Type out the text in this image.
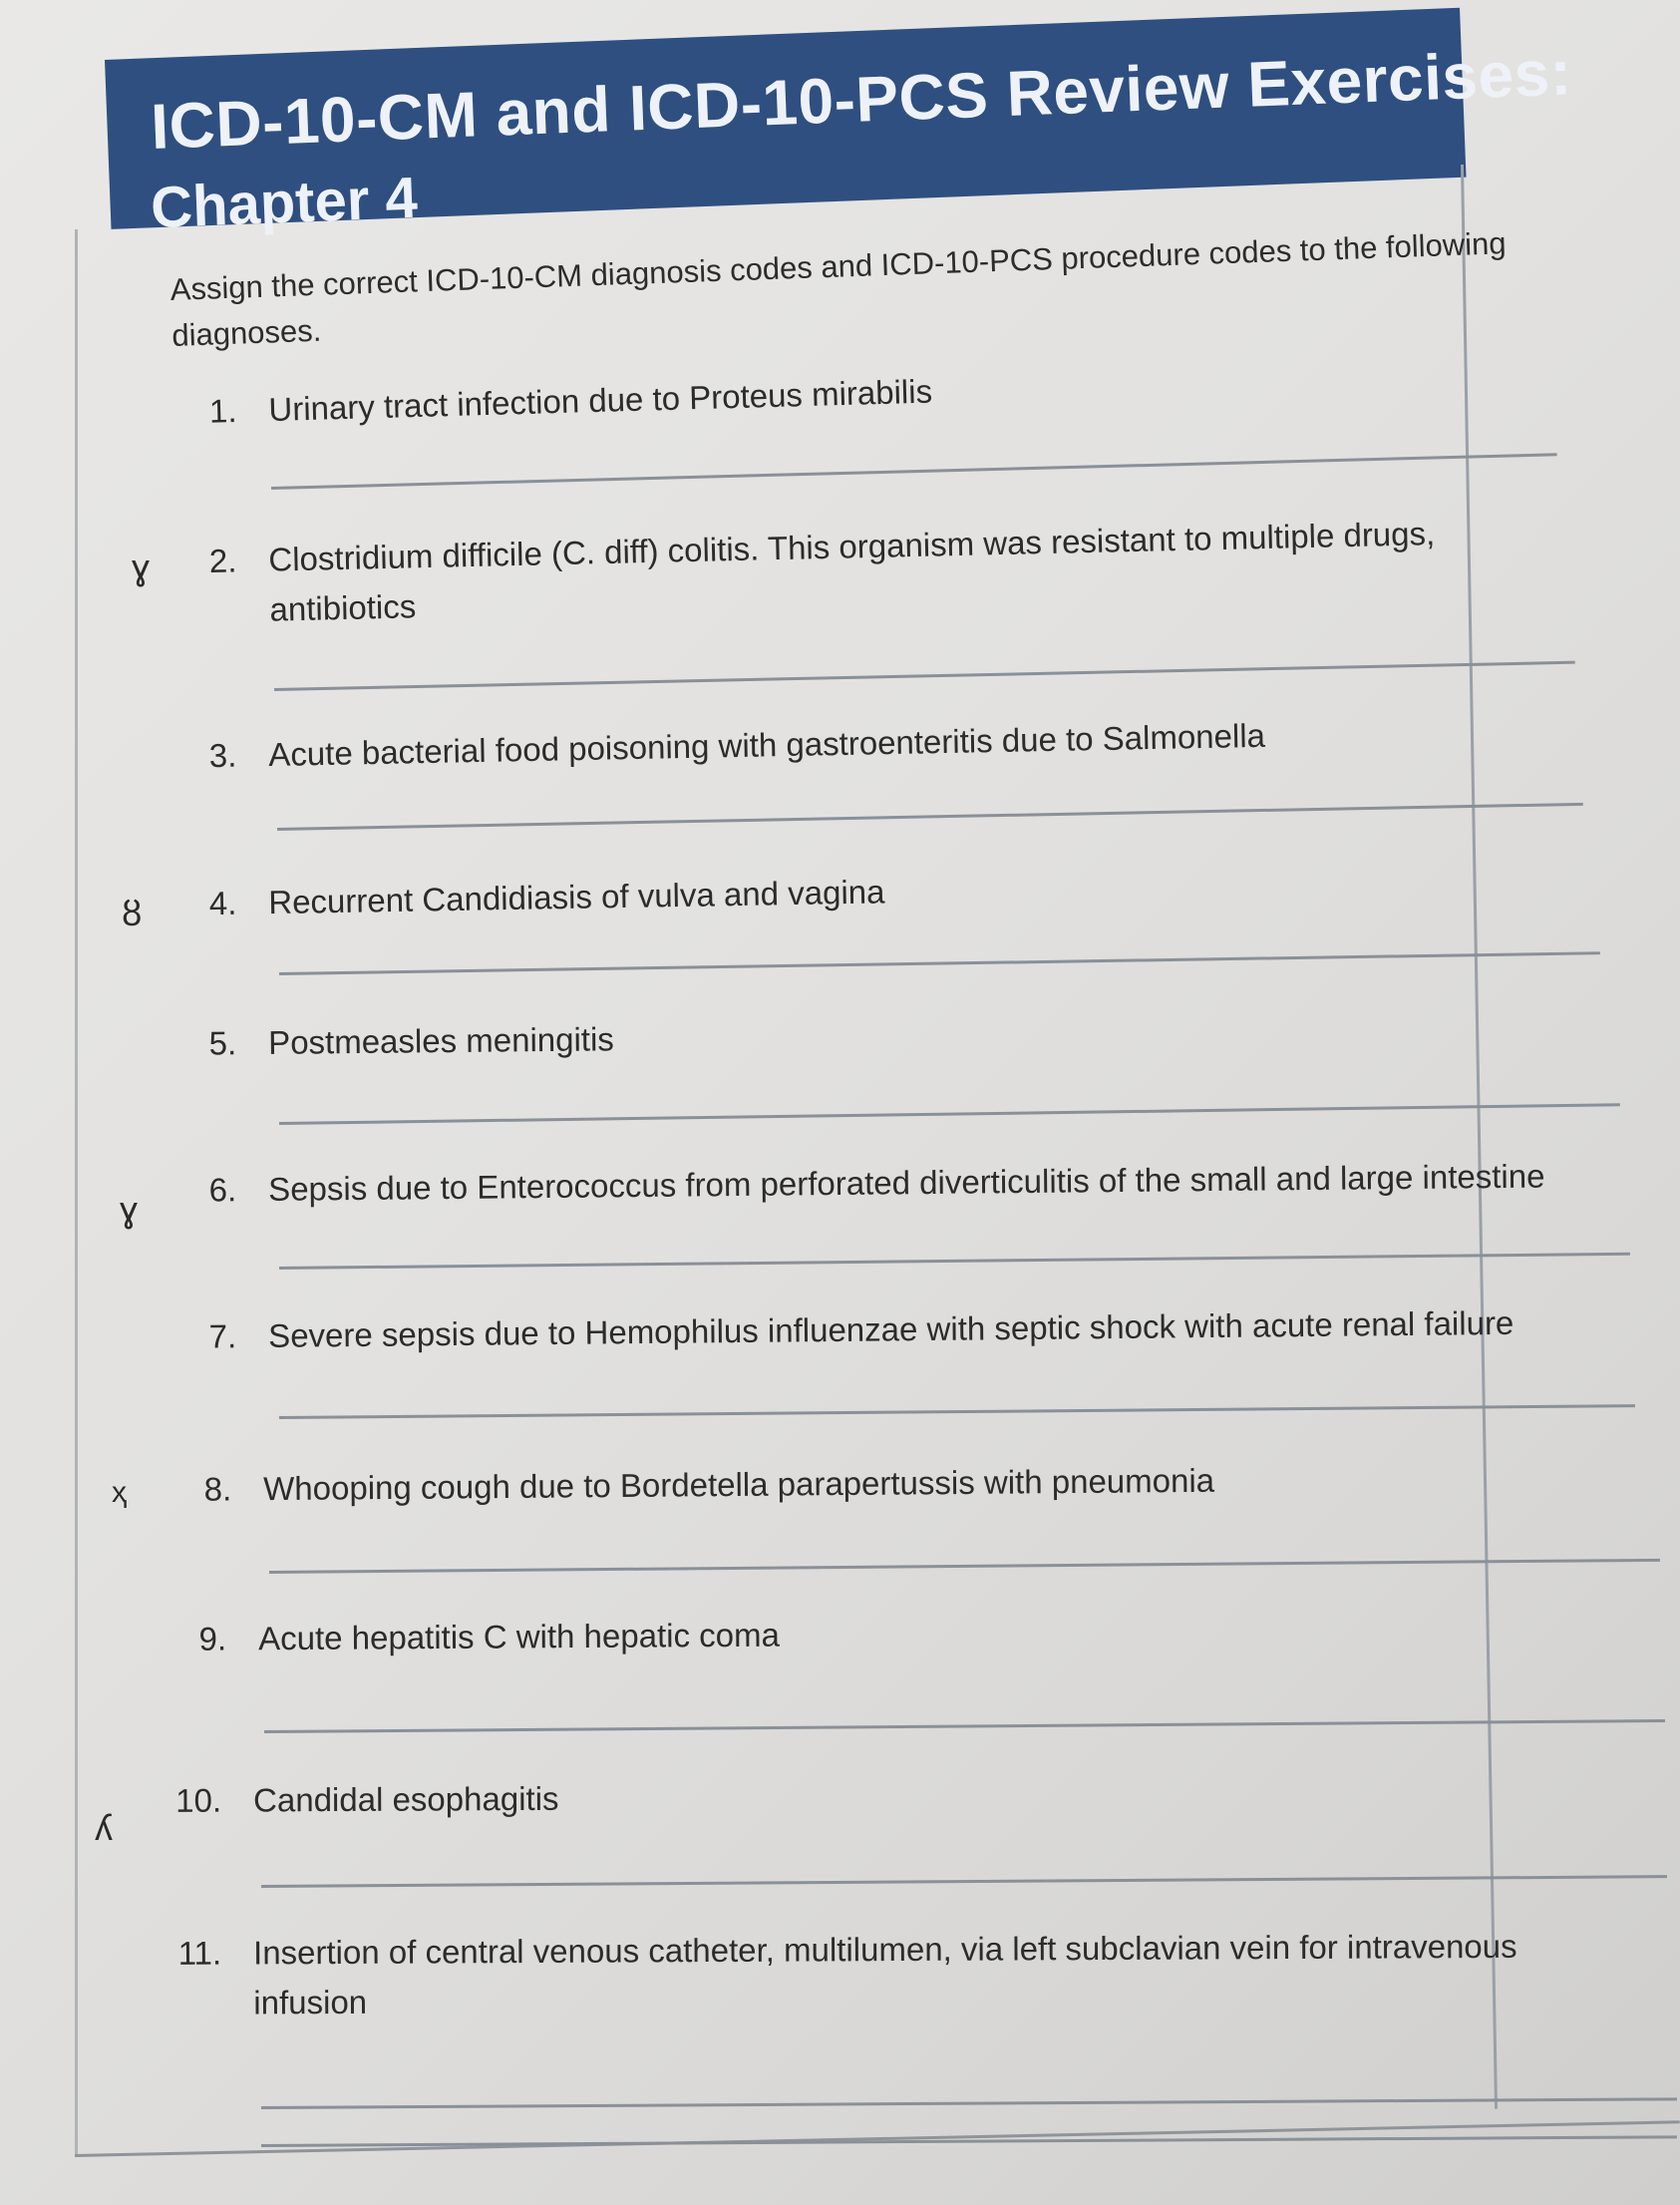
ICD-10-CM and ICD-10-PCS Review Exercises:
Chapter 4
Assign the correct ICD-10-CM diagnosis codes and ICD-10-PCS procedure codes to the following diagnoses.
1. Urinary tract infection due to Proteus mirabilis
ɣ	2. Clostridium difficile (C. diff) colitis. This organism was resistant to multiple drugs,
antibiotics
3. Acute bacterial food poisoning with gastroenteritis due to Salmonella
ȣ	4. Recurrent Candidiasis of vulva and vagina
5. Postmeasles meningitis
ɣ	6. Sepsis due to Enterococcus from perforated diverticulitis of the small and large intestine
7. Severe sepsis due to Hemophilus influenzae with septic shock with acute renal failure
ҳ	8. Whooping cough due to Bordetella parapertussis with pneumonia
9. Acute hepatitis C with hepatic coma
ʎ
10. Candidal esophagitis
11. Insertion of central venous catheter, multilumen, via left subclavian vein for intravenous
infusion
